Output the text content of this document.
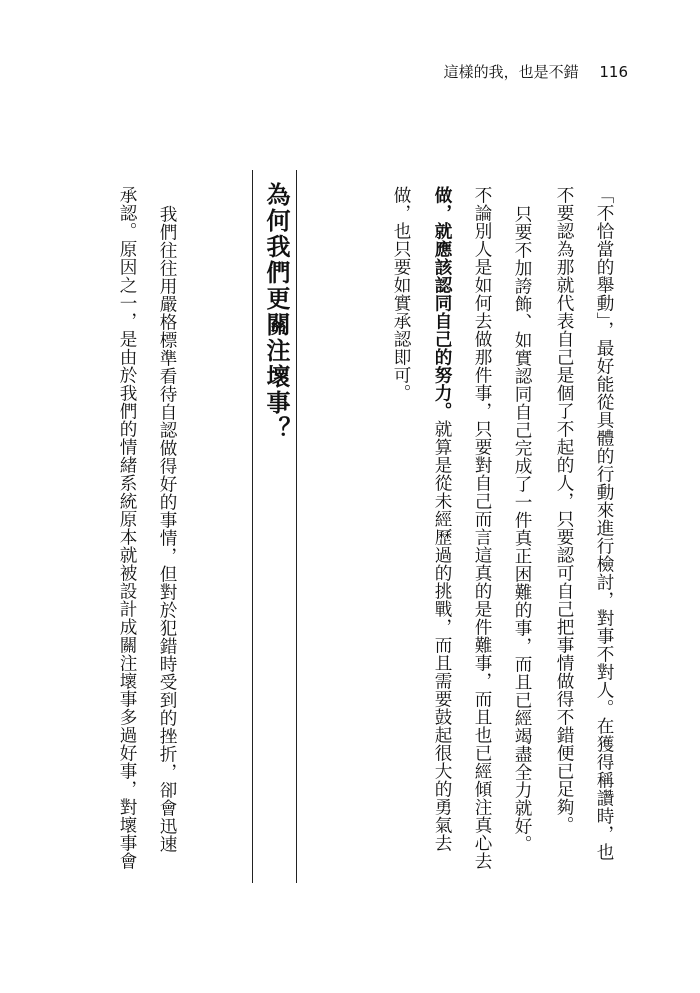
這樣的我，也是不錯 116
「不恰當的舉動」，最好能從具體的行動來進行檢討，對事不對人。在獲得稱讚時，也
不要認為那就代表自己是個了不起的人，只要認可自己把事情做得不錯便已足夠。
只要不加誇飾、如實認同自己完成了一件真正困難的事，而且已經竭盡全力就好。
不論別人是如何去做那件事，只要對自己而言這真的是件難事，而且也已經傾注真心去
做，就應該認同自己的努力。就算是從未經歷過的挑戰，而且需要鼓起很大的勇氣去
做，也只要如實承認即可。
為何我們更關注壞事？
我們往往用嚴格標準看待自認做得好的事情，但對於犯錯時受到的挫折，卻會迅速
承認。原因之一，是由於我們的情緒系統原本就被設計成關注壞事多過好事，對壞事會
